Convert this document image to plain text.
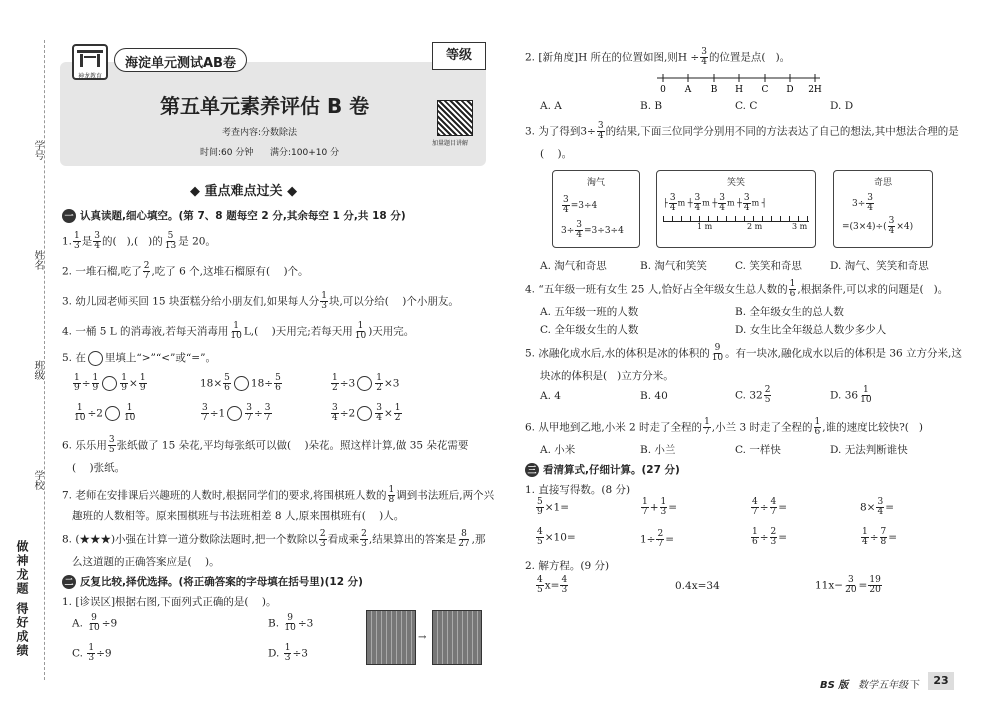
学号
姓名
班级
学校
做神龙题 得好成绩
神龙教育
海淀单元测试AB卷
第五单元素养评估 B 卷
考查内容:分数除法
时间:60 分钟 满分:100+10 分
等级
加量题目讲解
◆ 重点难点过关 ◆
一 认真读题,细心填空。(第 7、8 题每空 2 分,其余每空 1 分,共 18 分)
1. $\frac{1}{3}$ 是 $\frac{3}{4}$ 的( ),( )的 $\frac{5}{13}$ 是 20。
2. 一堆石榴,吃了 $\frac{2}{7}$ ,吃了 6 个,这堆石榴原有( )个。
3. 幼儿园老师买回 15 块蛋糕分给小朋友们,如果每人分 $\frac{1}{3}$ 块,可以分给( )个小朋友。
4. 一桶 5 L 的消毒液,若每天消毒用 $\frac{1}{10} L$,( )天用完;若每天用 $\frac{1}{10}$ )天用完。
5. 在 里填上“>”“<”或“=”。
$\frac{1}{9} \div \frac{1}{9} \frac{1}{9} \times \frac{1}{9}$	$18\times \frac{5}{6} 18\div \frac{5}{6}$	$\frac{1}{2} \div 3 \frac{1}{2} \times 3$
$\frac{1}{10} \div 2 \frac{1}{10}$	$\frac{3}{7} \div 1 \frac{3}{7} \div \frac{3}{7}$	$\frac{3}{4} \div 2 \frac{3}{4} \times \frac{1}{2}$
6. 乐乐用 $\frac{3}{5}$ 张纸做了 15 朵花,平均每张纸可以做( )朵花。照这样计算,做 35 朵花需要
( )张纸。
7. 老师在安排课后兴趣班的人数时,根据同学们的要求,将围棋班人数的 $\frac{1}{8}$ 调到书法班后,两个兴
趣班的人数相等。原来围棋班与书法班相差 8 人,原来围棋班有( )人。
8. (★★★)小强在计算一道分数除法题时,把一个数除以 $\frac{2}{3}$ 看成乘 $\frac{2}{3}$ ,结果算出的答案是 $\frac{8}{27}$ ,那
么这道题的正确答案应是( )。
二 反复比较,择优选择。(将正确答案的字母填在括号里)(12 分)
1. [诊误区]根据右图,下面列式正确的是( )。
A. $\frac{9}{10} \div 9$	B. $\frac{9}{10} \div 3$
C. $\frac{1}{3} \div 9$	D. $\frac{1}{3} \div 3$
→
2. [新角度]H 所在的位置如图,则$H \div \frac{3}{4}$ 的位置是点( )。
0 A B H C D 2H
A. A	B. B	C. C	D. D
3. 为了得到$3\div \frac{3}{4}$ 的结果,下面三位同学分别用不同的方法表达了自己的想法,其中想法合理的是
( )。
淘气
$\frac{3}{4} =3\div 4$
$3\div \frac{3}{4} =3\div 3\div 4$
笑笑
├ $\frac{3}{4}$ m ┼ $\frac{3}{4}$ m ┼ $\frac{3}{4}$ m ┼ $\frac{3}{4}$ m ┤
1 m	2 m	3 m
奇思
$3\div \frac{3}{4}$
$=(3\times 4)\div( \frac{3}{4} \times 4)$
A. 淘气和奇思	B. 淘气和笑笑	C. 笑笑和奇思	D. 淘气、笑笑和奇思
4. “五年级一班有女生 25 人,恰好占全年级女生总人数的 $\frac{1}{6}$ ,根据条件,可以求的问题是( )。
A. 五年级一班的人数	B. 全年级女生的总人数
C. 全年级女生的人数	D. 女生比全年级总人数少多少人
5. 冰融化成水后,水的体积是冰的体积的 $\frac{9}{10}$ 。有一块冰,融化成水以后的体积是 36 立方分米,这
块冰的体积是( )立方分米。
A. 4	B. 40	C. $32 \frac{2}{5}$	D. $36 \frac{1}{10}$
6. 从甲地到乙地,小米 2 时走了全程的 $\frac{1}{7}$ ,小兰 3 时走了全程的 $\frac{1}{6}$ ,谁的速度比较快?( )
A. 小米	B. 小兰	C. 一样快	D. 无法判断谁快
三 看清算式,仔细计算。(27 分)
1. 直接写得数。(8 分)
$\frac{5}{9} \times 1=$	$\frac{1}{7} + \frac{1}{3}$ =	$\frac{4}{7} \div \frac{4}{7}$ =	$8\times \frac{3}{4}$ =
$\frac{4}{5} \times 10=$	$1\div \frac{2}{7}$ =	$\frac{1}{6} \div \frac{2}{3}$ =	$\frac{1}{4} \div \frac{7}{8}$ =
2. 解方程。(9 分)
$\frac{4}{5} x= \frac{4}{3}$	0.4x=34	$11x- \frac{3}{20} = \frac{19}{20}$
BS 版 数学五年级 下	23
